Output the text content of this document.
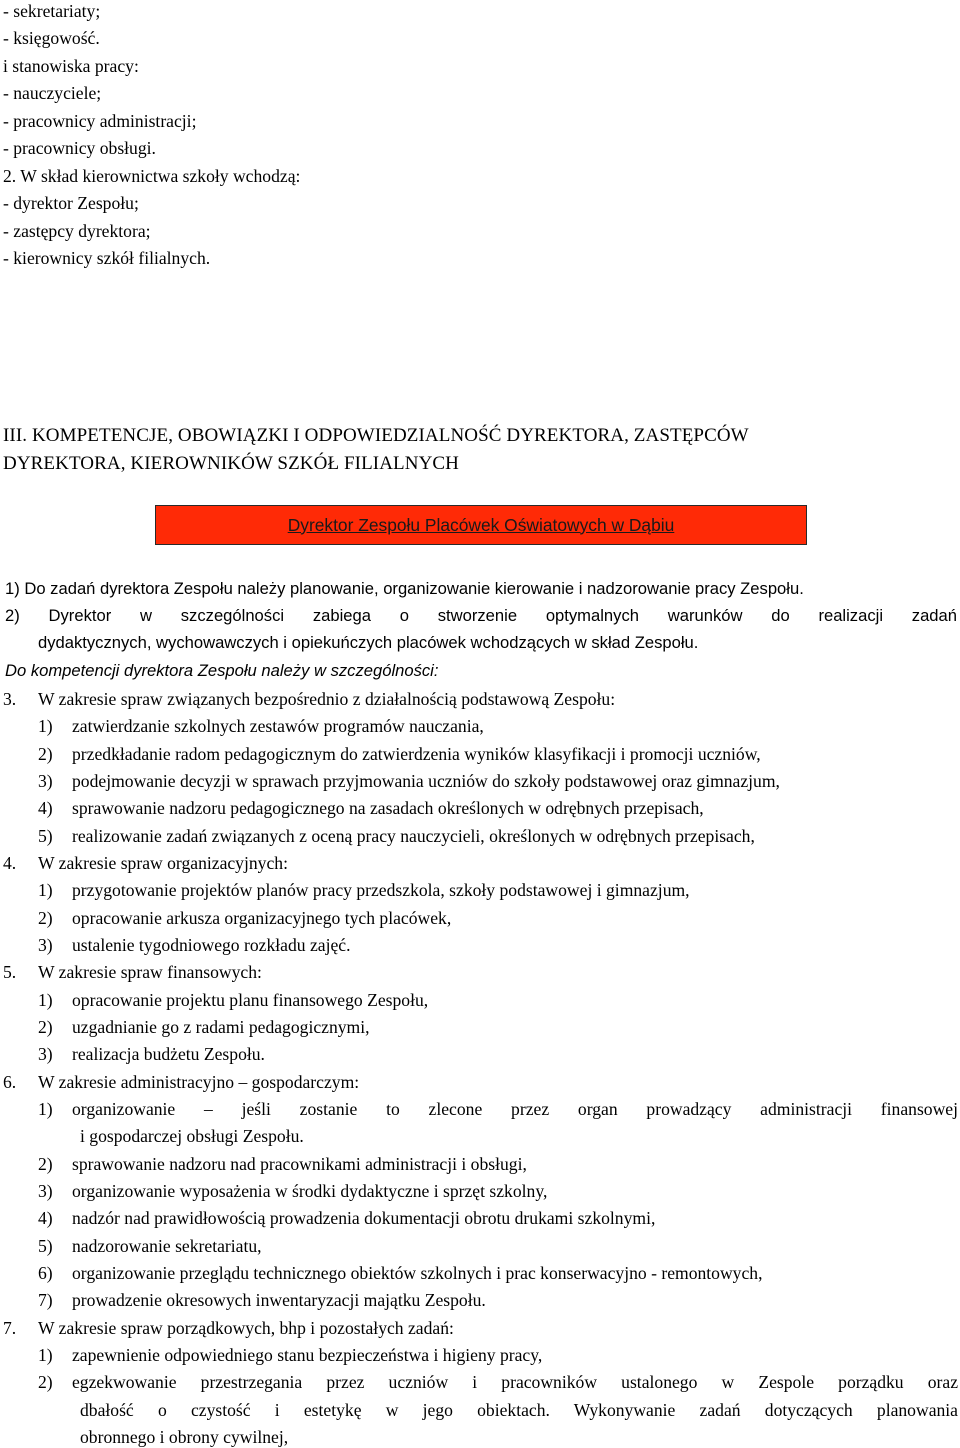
- sekretariaty;
- księgowość.
i stanowiska pracy:
- nauczyciele;
- pracownicy administracji;
- pracownicy obsługi.
2. W skład kierownictwa szkoły wchodzą:
- dyrektor Zespołu;
- zastępcy dyrektora;
- kierownicy szkół filialnych.
III. KOMPETENCJE, OBOWIĄZKI I ODPOWIEDZIALNOŚĆ DYREKTORA, ZASTĘPCÓW
DYREKTORA, KIEROWNIKÓW SZKÓŁ FILIALNYCH
Dyrektor Zespołu Placówek Oświatowych w Dąbiu
1) Do zadań dyrektora Zespołu należy planowanie, organizowanie kierowanie i nadzorowanie pracy Zespołu.
2) Dyrektor w szczególności zabiega o stworzenie optymalnych warunków do realizacji zadań
dydaktycznych, wychowawczych i opiekuńczych placówek wchodzących w skład Zespołu.
Do kompetencji dyrektora Zespołu należy w szczególności:
3. W zakresie spraw związanych bezpośrednio z działalnością podstawową Zespołu:
1) zatwierdzanie szkolnych zestawów programów nauczania,
2) przedkładanie radom pedagogicznym do zatwierdzenia wyników klasyfikacji i promocji uczniów,
3) podejmowanie decyzji w sprawach przyjmowania uczniów do szkoły podstawowej oraz gimnazjum,
4) sprawowanie nadzoru pedagogicznego na zasadach określonych w odrębnych przepisach,
5) realizowanie zadań związanych z oceną pracy nauczycieli, określonych w odrębnych przepisach,
4. W zakresie spraw organizacyjnych:
1) przygotowanie projektów planów pracy przedszkola, szkoły podstawowej i gimnazjum,
2) opracowanie arkusza organizacyjnego tych placówek,
3) ustalenie tygodniowego rozkładu zajęć.
5. W zakresie spraw finansowych:
1) opracowanie projektu planu finansowego Zespołu,
2) uzgadnianie go z radami pedagogicznymi,
3) realizacja budżetu Zespołu.
6. W zakresie administracyjno – gospodarczym:
1) organizowanie – jeśli zostanie to zlecone przez organ prowadzący administracji finansowej
i gospodarczej obsługi Zespołu.
2) sprawowanie nadzoru nad pracownikami administracji i obsługi,
3) organizowanie wyposażenia w środki dydaktyczne i sprzęt szkolny,
4) nadzór nad prawidłowością prowadzenia dokumentacji obrotu drukami szkolnymi,
5) nadzorowanie sekretariatu,
6) organizowanie przeglądu technicznego obiektów szkolnych i prac konserwacyjno - remontowych,
7) prowadzenie okresowych inwentaryzacji majątku Zespołu.
7. W zakresie spraw porządkowych, bhp i pozostałych zadań:
1) zapewnienie odpowiedniego stanu bezpieczeństwa i higieny pracy,
2) egzekwowanie przestrzegania przez uczniów i pracowników ustalonego w Zespole porządku oraz
dbałość o czystość i estetykę w jego obiektach. Wykonywanie zadań dotyczących planowania
obronnego i obrony cywilnej,
